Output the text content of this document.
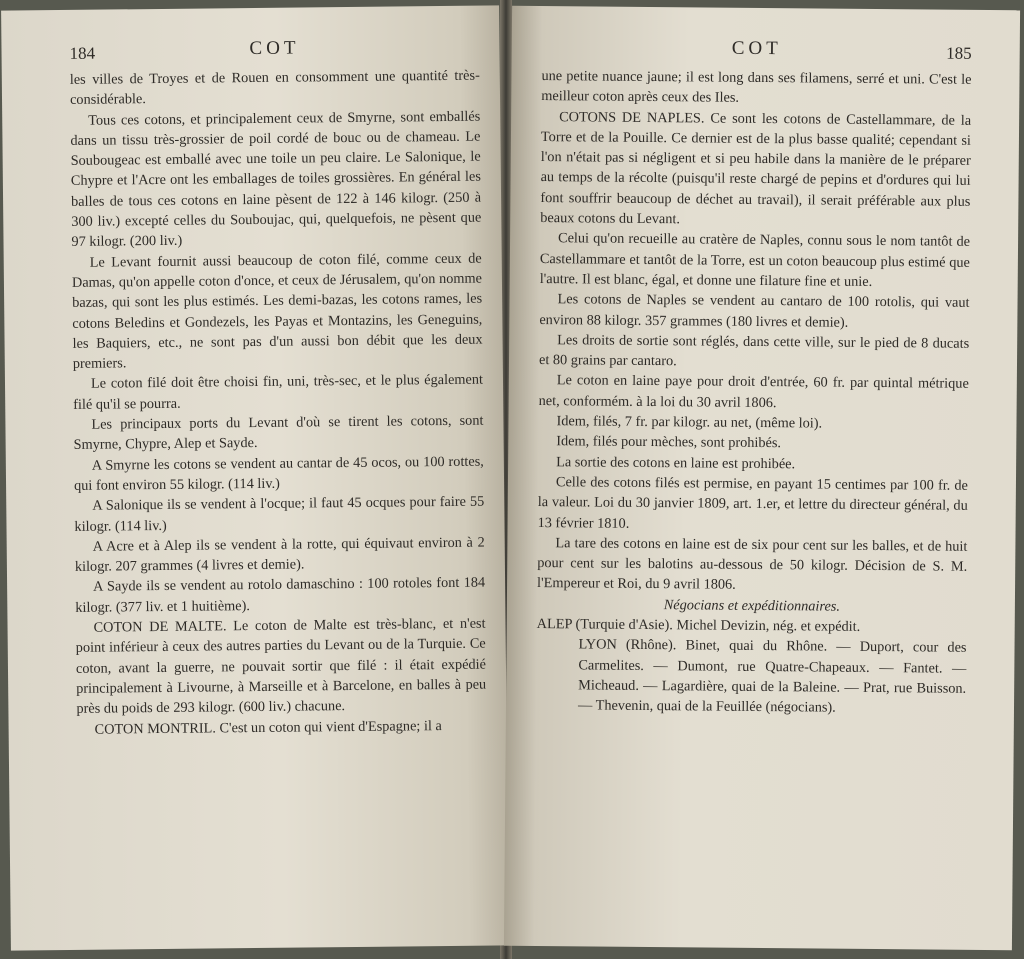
184	COT

les villes de Troyes et de Rouen en consomment une quantité très-considérable.

Tous ces cotons, et principalement ceux de Smyrne, sont emballés dans un tissu très-grossier de poil cordé de bouc ou de chameau. Le Soubougeac est emballé avec une toile un peu claire. Le Salonique, le Chypre et l'Acre ont les emballages de toiles grossières. En général les balles de tous ces cotons en laine pèsent de 122 à 146 kilogr. (250 à 300 liv.) excepté celles du Souboujac, qui, quelquefois, ne pèsent que 97 kilogr. (200 liv.)

Le Levant fournit aussi beaucoup de coton filé, comme ceux de Damas, qu'on appelle coton d'once, et ceux de Jérusalem, qu'on nomme bazas, qui sont les plus estimés. Les demi-bazas, les cotons rames, les cotons Beledins et Gondezels, les Payas et Montazins, les Geneguins, les Baquiers, etc., ne sont pas d'un aussi bon débit que les deux premiers.

Le coton filé doit être choisi fin, uni, très-sec, et le plus également filé qu'il se pourra.

Les principaux ports du Levant d'où se tirent les cotons, sont Smyrne, Chypre, Alep et Sayde.

A Smyrne les cotons se vendent au cantar de 45 ocos, ou 100 rottes, qui font environ 55 kilogr. (114 liv.)

A Salonique ils se vendent à l'ocque; il faut 45 ocques pour faire 55 kilogr. (114 liv.)

A Acre et à Alep ils se vendent à la rotte, qui équivaut environ à 2 kilogr. 207 grammes (4 livres et demie).

A Sayde ils se vendent au rotolo damaschino : 100 rotoles font 184 kilogr. (377 liv. et 1 huitième).

COTON DE MALTE. Le coton de Malte est très-blanc, et n'est point inférieur à ceux des autres parties du Levant ou de la Turquie. Ce coton, avant la guerre, ne pouvait sortir que filé : il était expédié principalement à Livourne, à Marseille et à Barcelone, en balles à peu près du poids de 293 kilogr. (600 liv.) chacune.

COTON MONTRIL. C'est un coton qui vient d'Espagne; il a

COT	185

une petite nuance jaune; il est long dans ses filamens, serré et uni. C'est le meilleur coton après ceux des Iles.

COTONS DE NAPLES. Ce sont les cotons de Castellammare, de la Torre et de la Pouille. Ce dernier est de la plus basse qualité; cependant si l'on n'était pas si négligent et si peu habile dans la manière de le préparer au temps de la récolte (puisqu'il reste chargé de pepins et d'ordures qui lui font souffrir beaucoup de déchet au travail), il serait préférable aux plus beaux cotons du Levant.

Celui qu'on recueille au cratère de Naples, connu sous le nom tantôt de Castellammare et tantôt de la Torre, est un coton beaucoup plus estimé que l'autre. Il est blanc, égal, et donne une filature fine et unie.

Les cotons de Naples se vendent au cantaro de 100 rotolis, qui vaut environ 88 kilogr. 357 grammes (180 livres et demie).

Les droits de sortie sont réglés, dans cette ville, sur le pied de 8 ducats et 80 grains par cantaro.

Le coton en laine paye pour droit d'entrée, 60 fr. par quintal métrique net, conformém. à la loi du 30 avril 1806.

Idem, filés, 7 fr. par kilogr. au net, (même loi).

Idem, filés pour mèches, sont prohibés.

La sortie des cotons en laine est prohibée.

Celle des cotons filés est permise, en payant 15 centimes par 100 fr. de la valeur. Loi du 30 janvier 1809, art. 1.er, et lettre du directeur général, du 13 février 1810.

La tare des cotons en laine est de six pour cent sur les balles, et de huit pour cent sur les balotins au-dessous de 50 kilogr. Décision de S. M. l'Empereur et Roi, du 9 avril 1806.

Négocians et expéditionnaires.

ALEP (Turquie d'Asie). Michel Devizin, nég. et expédit.

LYON (Rhône). Binet, quai du Rhône. — Duport, cour des Carmelites. — Dumont, rue Quatre-Chapeaux. — Fantet. — Micheaud. — Lagardière, quai de la Baleine. — Prat, rue Buisson. — Thevenin, quai de la Feuillée (négocians).
